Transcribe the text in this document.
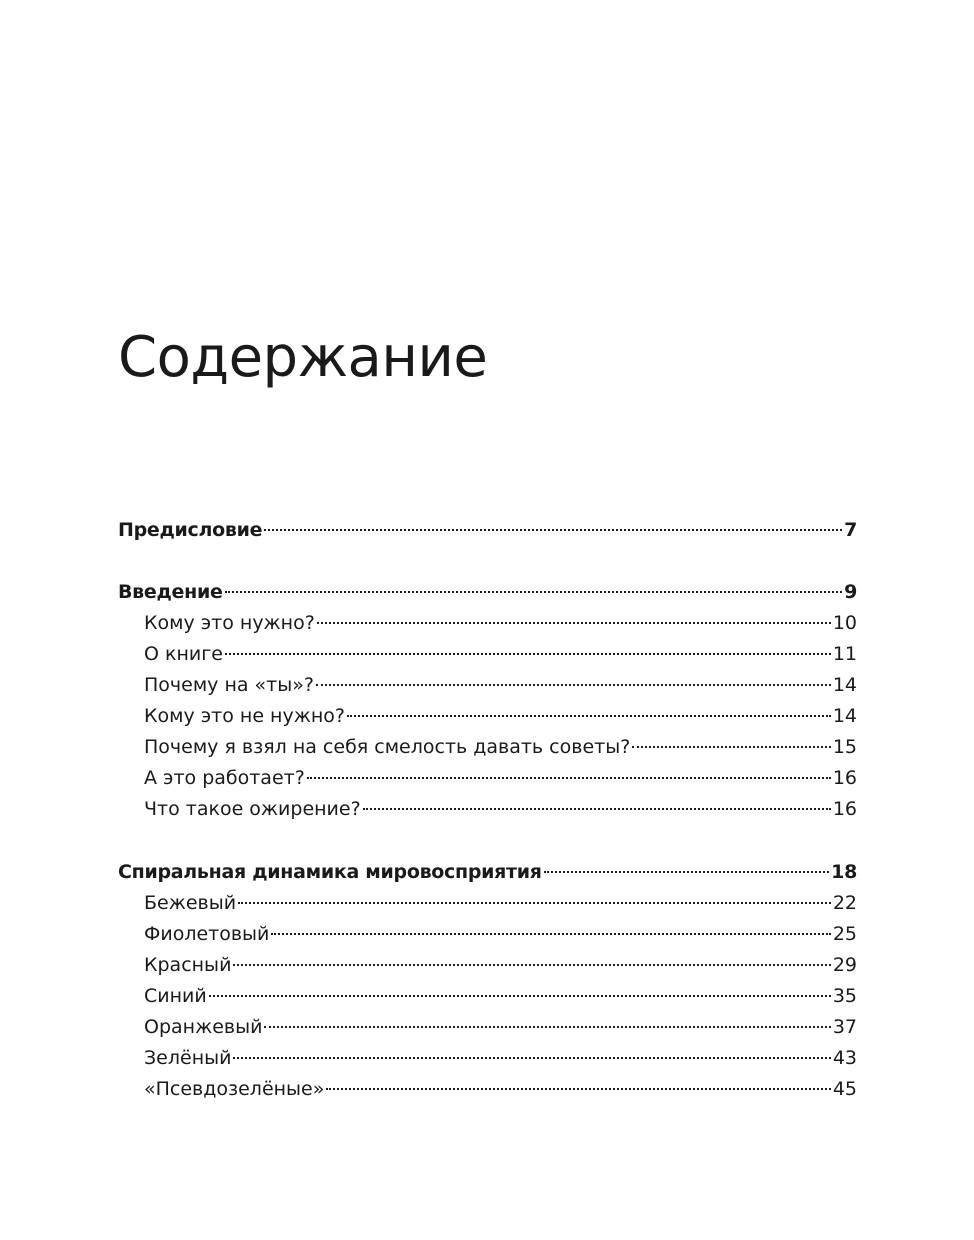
Содержание
Предисловие	7
Введение	9
Кому это нужно?	10
О книге	11
Почему на «ты»?	14
Кому это не нужно?	14
Почему я взял на себя смелость давать советы?	15
А это работает?	16
Что такое ожирение?	16
Спиральная динамика мировосприятия	18
Бежевый	22
Фиолетовый	25
Красный	29
Синий	35
Оранжевый	37
Зелёный	43
«Псевдозелёные»	45
